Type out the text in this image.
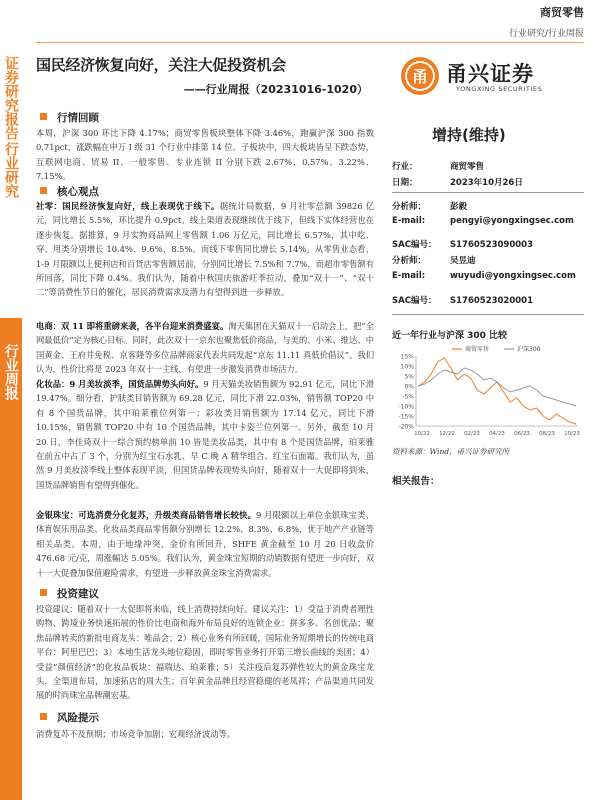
证券研究报告
行业研究
行业周报
商贸零售
行业研究/行业周报
国民经济恢复向好，关注大促投资机会
——行业周报（20231016-1020）
甬 甬兴证券
YONGXING SECURITIES
行情回顾
本周，沪深 300 环比下降 4.17%；商贸零售板块整体下降 3.46%，跑赢沪深 300 指数 0.71pct，涨跌幅在申万 I 级 31 个行业中排第 14 位。子板块中，四大板块皆呈下跌态势，互联网电商、贸易 II、一般零售、专业连锁 II 分别下跌 2.67%、0.57%、3.22%、7.15%。
核心观点
社零：国民经济恢复向好，线上表现优于线下。据统计局数据，9 月社零总额 39826 亿元，同比增长 5.5%，环比提升 0.9pct。线上渠道表现继续优于线下，但线下实体经营也在逐步恢复。据推算，9 月实物商品网上零售额 1.06 万亿元，同比增长 6.57%，其中吃、穿、用类分别增长 10.4%、9.6%、8.5%。而线下零售同比增长 5.14%。从零售业态看，1-9 月限额以上便利店和百货店零售额居前，分别同比增长 7.5%和 7.7%，而超市零售额有所回落，同比下降 0.4%。我们认为，随着中秋国庆旅游旺季拉动，叠加“双十一”、“双十二”等消费性节日的催化，居民消费需求及潜力有望得到进一步释放。
电商：双 11 即将重磅来袭，各平台迎来消费盛宴。淘天集团在天猫双十一启动会上，把“全网最低价”定为核心目标。同时，此次双十一京东也聚焦低价商品，与美的、小米、维达、中国黄金、王府井免税、京客隆等多位品牌商家代表共同发起“京东 11.11 真低价倡议”。我们认为，性价比将是 2023 年双十一主线，有望进一步激发消费市场活力。
化妆品：9 月美妆淡季，国货品牌势头向好。9 月天猫美妆销售额为 92.91 亿元，同比下滑 19.47%。细分看，护肤类目销售额为 69.28 亿元，同比下滑 22.03%，销售额 TOP20 中有 8 个国货品牌，其中珀莱雅位列第一；彩妆类目销售额为 17.14 亿元，同比下滑 10.15%，销售额 TOP20 中有 10 个国货品牌，其中卡姿兰位列第一。另外，截至 10 月 20 日，李佳琦双十一综合预约榜单前 10 皆是美妆品类，其中有 8 个是国货品牌，珀莱雅在前五中占了 3 个，分别为红宝石水乳、早 C 晚 A 精华组合、红宝石面霜。我们认为，虽然 9 月美妆淡季线上整体表现平淡，但国货品牌表现势头向好，随着双十一大促即将到来，国货品牌销售有望得到催化。
金银珠宝：可选消费分化复苏，升级类商品销售增长较快。9 月限额以上单位金银珠宝类、体育娱乐用品类、化妆品类商品零售额分别增长 12.2%、8.3%、6.8%，优于地产产业链等相关品类。本周，由于地缘冲突，金价有所回升，SHFE 黄金截至 10 月 20 日收盘价 476.68 元/克，周涨幅达 5.05%。我们认为，黄金珠宝短期的动销数据有望进一步向好，双十一大促叠加保值避险需求，有望进一步释放黄金珠宝消费需求。
投资建议
投资建议：随着双十一大促即将来临，线上消费持续向好。建议关注：1）受益于消费者理性购物、跨境业务快速拓展的性价比电商和海外布局良好的连锁企业：拼多多、名创优品；聚焦品牌转卖的新批电商龙头：唯品会；2）核心业务有所回暖，国际业务短期增长的传统电商平台：阿里巴巴；3）本地生活龙头地位稳固，即时零售业务打开第三增长曲线的美团；4）受益“颜值经济”的化妆品板块：福瑞达、珀莱雅；5）关注疫后复苏弹性较大的黄金珠宝龙头，全渠道布局，加速拓店的周大生；百年黄金品牌且经营稳健的老凤祥；产品渠道共同发展的时尚珠宝品牌潮宏基。
风险提示
消费复苏不及预期；市场竞争加剧；宏观经济波动等。
增持(维持)
行业：	商贸零售
日期：	2023年10月26日
分析师：	彭毅
E-mail:	pengyi@yongxingsec.com
SAC编号： S1760523090003
分析师：	吴昱迪
E-mail:	wuyudi@yongxingsec.com
SAC编号： S1760523020001
近一年行业与沪深 300 比较
15%
10%
5%
0%
-5%
-10%
-15%
-20%
10/22 12/22 02/23 04/23 06/23 08/23 10/23
商贸零售	沪深300
资料来源：Wind，甬兴证券研究所
相关报告：
